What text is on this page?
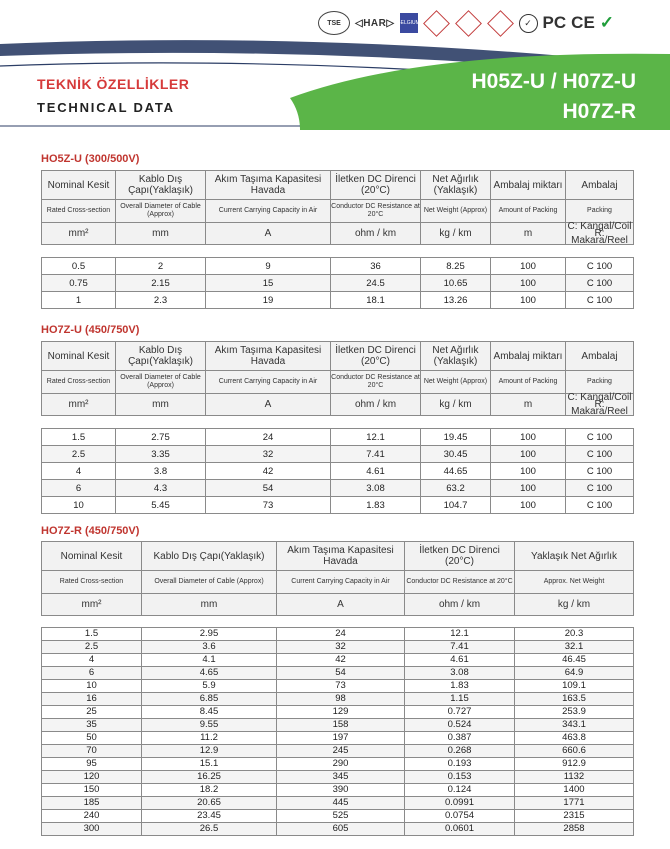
TSE	◁HAR▷ BELGIUM	✓ PC CE ✓
TEKNİK ÖZELLİKLER
TECHNICAL DATA
H05Z-U / H07Z-U
H07Z-R
HO5Z-U (300/500V)
Nominal Kesit	Kablo Dış Çapı(Yaklaşık)	Akım Taşıma Kapasitesi Havada	İletken DC Direnci (20°C)	Net Ağırlık (Yaklaşık)	Ambalaj miktarı	Ambalaj
Rated Cross-section	Overall Diameter of Cable (Approx)	Current Carrying Capacity in Air	Conductor DC Resistance at 20°C	Net Weight (Approx)	Amount of Packing	Packing
mm²	mm	A	ohm / km	kg / km	m	C: Kangal/Coil R: Makara/Reel
0.5	2	9	36	8.25	100	C 100
0.75	2.15	15	24.5	10.65	100	C 100
1	2.3	19	18.1	13.26	100	C 100
HO7Z-U (450/750V)
Nominal Kesit	Kablo Dış Çapı(Yaklaşık)	Akım Taşıma Kapasitesi Havada	İletken DC Direnci (20°C)	Net Ağırlık (Yaklaşık)	Ambalaj miktarı	Ambalaj
Rated Cross-section	Overall Diameter of Cable (Approx)	Current Carrying Capacity in Air	Conductor DC Resistance at 20°C	Net Weight (Approx)	Amount of Packing	Packing
mm²	mm	A	ohm / km	kg / km	m	C: Kangal/Coil R: Makara/Reel
1.5	2.75	24	12.1	19.45	100	C 100
2.5	3.35	32	7.41	30.45	100	C 100
4	3.8	42	4.61	44.65	100	C 100
6	4.3	54	3.08	63.2	100	C 100
10	5.45	73	1.83	104.7	100	C 100
HO7Z-R (450/750V)
Nominal Kesit	Kablo Dış Çapı(Yaklaşık)	Akım Taşıma Kapasitesi Havada	İletken DC Direnci (20°C)	Yaklaşık Net Ağırlık
Rated Cross-section	Overall Diameter of Cable (Approx)	Current Carrying Capacity in Air	Conductor DC Resistance at 20°C	Approx. Net Weight
mm²	mm	A	ohm / km	kg / km
1.5	2.95	24	12.1	20.3
2.5	3.6	32	7.41	32.1
4	4.1	42	4.61	46.45
6	4.65	54	3.08	64.9
10	5.9	73	1.83	109.1
16	6.85	98	1.15	163.5
25	8.45	129	0.727	253.9
35	9.55	158	0.524	343.1
50	11.2	197	0.387	463.8
70	12.9	245	0.268	660.6
95	15.1	290	0.193	912.9
120	16.25	345	0.153	1132
150	18.2	390	0.124	1400
185	20.65	445	0.0991	1771
240	23.45	525	0.0754	2315
300	26.5	605	0.0601	2858
